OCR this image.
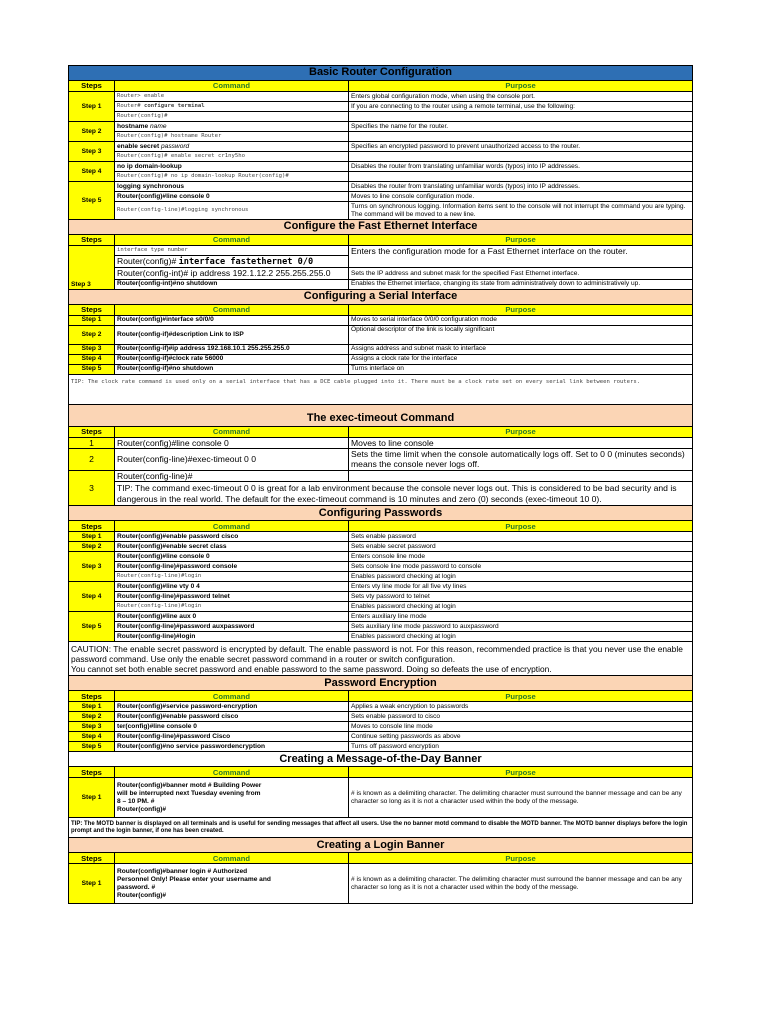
Basic Router Configuration		
Steps	Command	Purpose
Step 1	Router> enable	Enters global configuration mode, when using the console port.
	Router# configure terminal	If you are connecting to the router using a remote terminal, use the following:
	Router(config)#	
Step 2	hostname name	Specifies the name for the router.
	Router(config)# hostname Router	
Step 3	enable secret password	Specifies an encrypted password to prevent unauthorized access to the router.
	Router(config)# enable secret cr1ny5ho	
Step 4	no ip domain-lookup	Disables the router from translating unfamiliar words (typos) into IP addresses.
	Router(config)# no ip domain-lookup Router(config)#	
Step 5	logging synchronous	Disables the router from translating unfamiliar words (typos) into IP addresses.
	Router(config)#line console 0	Moves to line console configuration mode.
	Router(config-line)#logging synchronous	Turns on synchronous logging. Information items sent to the console will not interrupt the command you are typing. The command will be moved to a new line.
Configure the Fast Ethernet Interface		
Steps	Command	Purpose
Step 3	interface type number	Enters the configuration mode for a Fast Ethernet interface on the router.
	Router(config)# interface fastethernet 0/0	
	Router(config-int)# ip address 192.1.12.2 255.255.255.0	Sets the IP address and subnet mask for the specified Fast Ethernet interface.
	Router(config-int)#no shutdown	Enables the Ethernet interface, changing its state from administratively down to administratively up.
Configuring a Serial Interface		
Steps	Command	Purpose
Step 1	Router(config)#interface s0/0/0	Moves to serial interface 0/0/0 configuration mode
Step 2	Router(config-if)#description Link to ISP	Optional descriptor of the link is locally significant
Step 3	Router(config-if)#ip address 192.168.10.1 255.255.255.0	Assigns address and subnet mask to interface
Step 4	Router(config-if)#clock rate 56000	Assigns a clock rate for the interface
Step 5	Router(config-if)#no shutdown	Turns interface on
TIP: The clock rate command is used only on a serial interface that has a DCE cable plugged into it. There must be a clock rate set on every serial link between routers.		
The exec-timeout Command		
Steps	Command	Purpose
1	Router(config)#line console 0	Moves to line console
2	Router(config-line)#exec-timeout 0 0	Sets the time limit when the console automatically logs off. Set to 0 0 (minutes seconds) means the console never logs off.
3	Router(config-line)#	
	TIP: The command exec-timeout 0 0 is great for a lab environment because the console never logs out. This is considered to be bad security and is dangerous in the real world. The default for the exec-timeout command is 10 minutes and zero (0) seconds (exec-timeout 10 0).	
Configuring Passwords		
Steps	Command	Purpose
Step 1	Router(config)#enable password cisco	Sets enable password
Step 2	Router(config)#enable secret class	Sets enable secret password
Step 3	Router(config)#line console 0	Enters console line mode
	Router(config-line)#password console	Sets console line mode password to console
	Router(config-line)#login	Enables password checking at login
Step 4	Router(config)#line vty 0 4	Enters vty line mode for all five vty lines
	Router(config-line)#password telnet	Sets vty password to telnet
	Router(config-line)#login	Enables password checking at login
Step 5	Router(config)#line aux 0	Enters auxiliary line mode
	Router(config-line)#password auxpassword	Sets auxiliary line mode password to auxpassword
	Router(config-line)#login	Enables password checking at login
CAUTION: The enable secret password is encrypted by default. The enable password is not. For this reason, recommended practice is that you never use the enable password command. Use only the enable secret password command in a router or switch configuration.
You cannot set both enable secret password and enable password to the same password. Doing so defeats the use of encryption.		
Password Encryption		
Steps	Command	Purpose
Step 1	Router(config)#service password-encryption	Applies a weak encryption to passwords
Step 2	Router(config)#enable password cisco	Sets enable password to cisco
Step 3	ter(config)#line console 0	Moves to console line mode
Step 4	Router(config-line)#password Cisco	Continue setting passwords as above
Step 5	Router(config)#no service passwordencryption	Turns off password encryption
Creating a Message-of-the-Day Banner		
Steps	Command	Purpose
Step 1	Router(config)#banner motd # Building Power
will be interrupted next Tuesday evening from
8 – 10 PM. #
Router(config)#	# is known as a delimiting character. The delimiting character must surround the banner message and can be any character so long as it is not a character used within the body of the message.
TIP: The MOTD banner is displayed on all terminals and is useful for sending messages that affect all users. Use the no banner motd command to disable the MOTD banner. The MOTD banner displays before the login prompt and the login banner, if one has been created.		
Creating a Login Banner		
Steps	Command	Purpose
Step 1	Router(config)#banner login # Authorized
Personnel Only! Please enter your username and
password. #
Router(config)#	# is known as a delimiting character. The delimiting character must surround the banner message and can be any character so long as it is not a character used within the body of the message.
